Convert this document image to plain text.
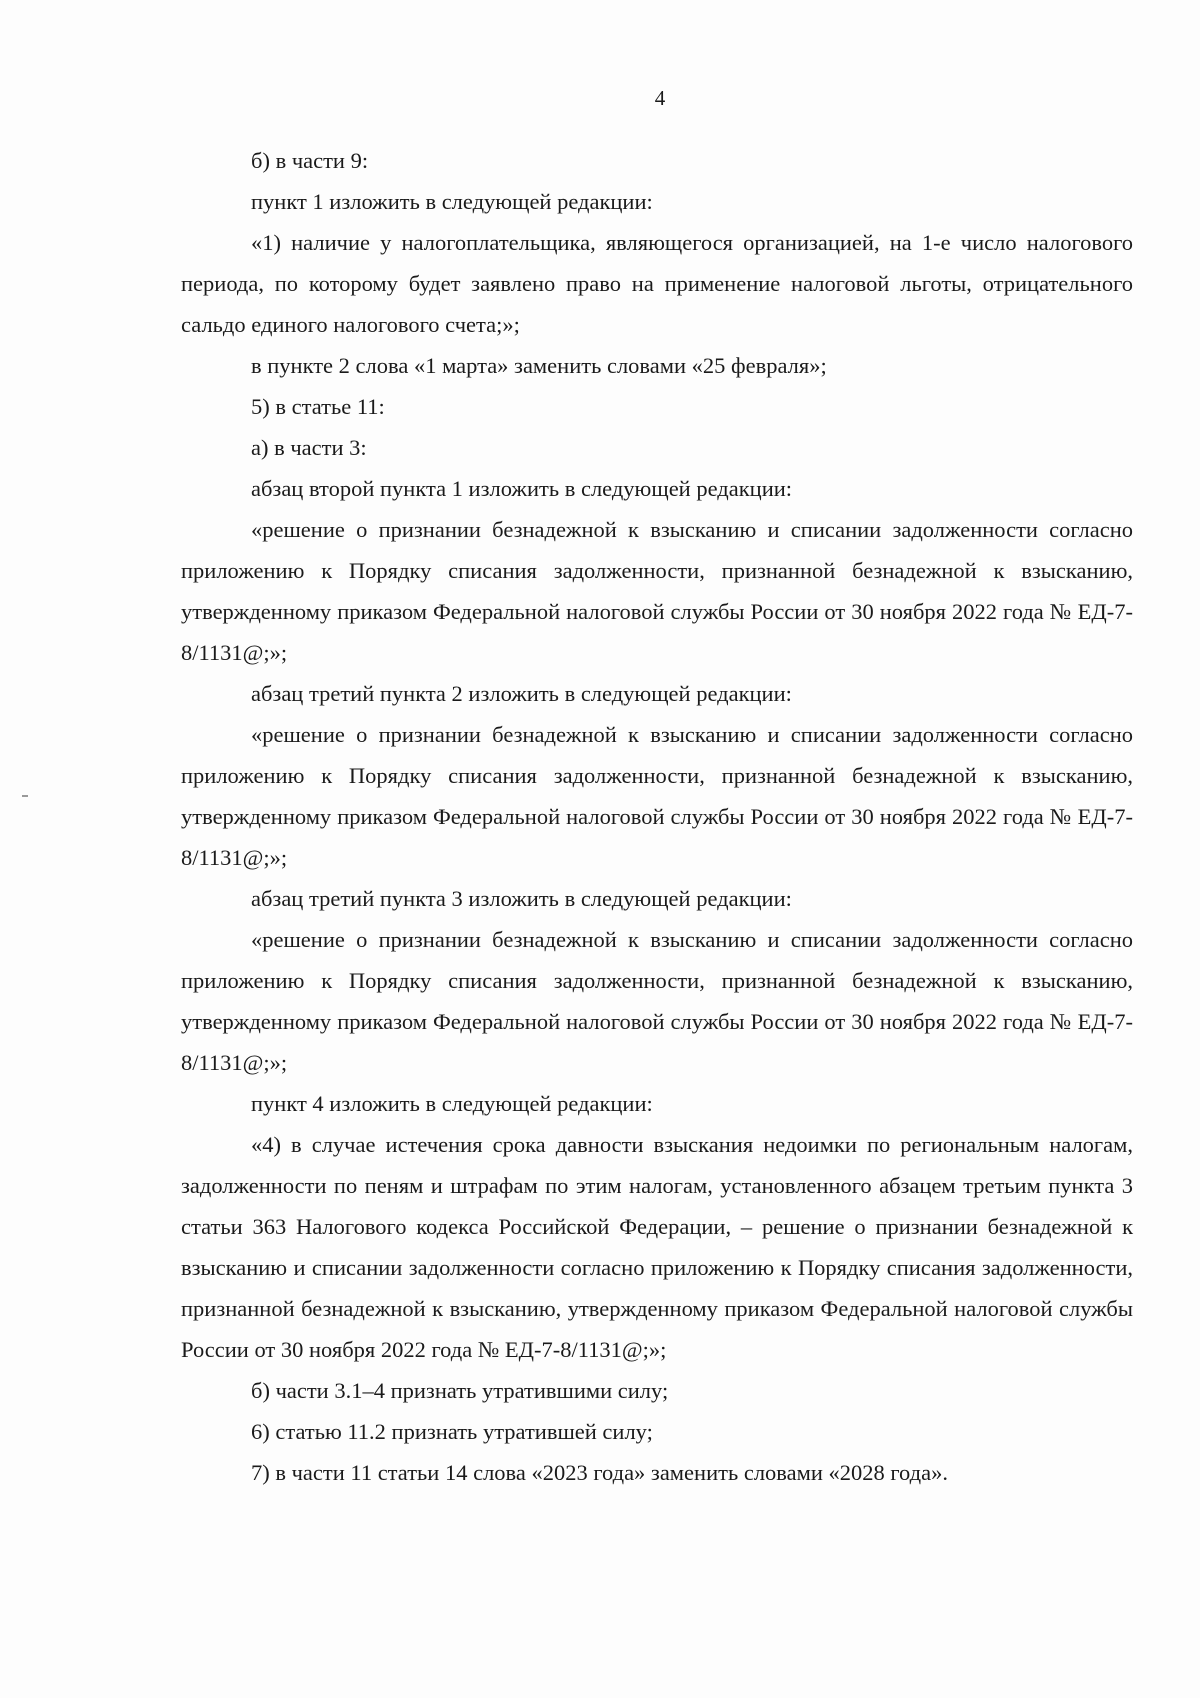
4

б) в части 9:

пункт 1 изложить в следующей редакции:

«1) наличие у налогоплательщика, являющегося организацией, на 1-е число налогового периода, по которому будет заявлено право на применение налоговой льготы, отрицательного сальдо единого налогового счета;»;

в пункте 2 слова «1 марта» заменить словами «25 февраля»;

5) в статье 11:

а) в части 3:

абзац второй пункта 1 изложить в следующей редакции:

«решение о признании безнадежной к взысканию и списании задолженности согласно приложению к Порядку списания задолженности, признанной безнадежной к взысканию, утвержденному приказом Федеральной налоговой службы России от 30 ноября 2022 года № ЕД-7-8/1131@;»;

абзац третий пункта 2 изложить в следующей редакции:

«решение о признании безнадежной к взысканию и списании задолженности согласно приложению к Порядку списания задолженности, признанной безнадежной к взысканию, утвержденному приказом Федеральной налоговой службы России от 30 ноября 2022 года № ЕД-7-8/1131@;»;

абзац третий пункта 3 изложить в следующей редакции:

«решение о признании безнадежной к взысканию и списании задолженности согласно приложению к Порядку списания задолженности, признанной безнадежной к взысканию, утвержденному приказом Федеральной налоговой службы России от 30 ноября 2022 года № ЕД-7-8/1131@;»;

пункт 4 изложить в следующей редакции:

«4) в случае истечения срока давности взыскания недоимки по региональным налогам, задолженности по пеням и штрафам по этим налогам, установленного абзацем третьим пункта 3 статьи 363 Налогового кодекса Российской Федерации, – решение о признании безнадежной к взысканию и списании задолженности согласно приложению к Порядку списания задолженности, признанной безнадежной к взысканию, утвержденному приказом Федеральной налоговой службы России от 30 ноября 2022 года № ЕД-7-8/1131@;»;

б) части 3.1–4 признать утратившими силу;

6) статью 11.2 признать утратившей силу;

7) в части 11 статьи 14 слова «2023 года» заменить словами «2028 года».
